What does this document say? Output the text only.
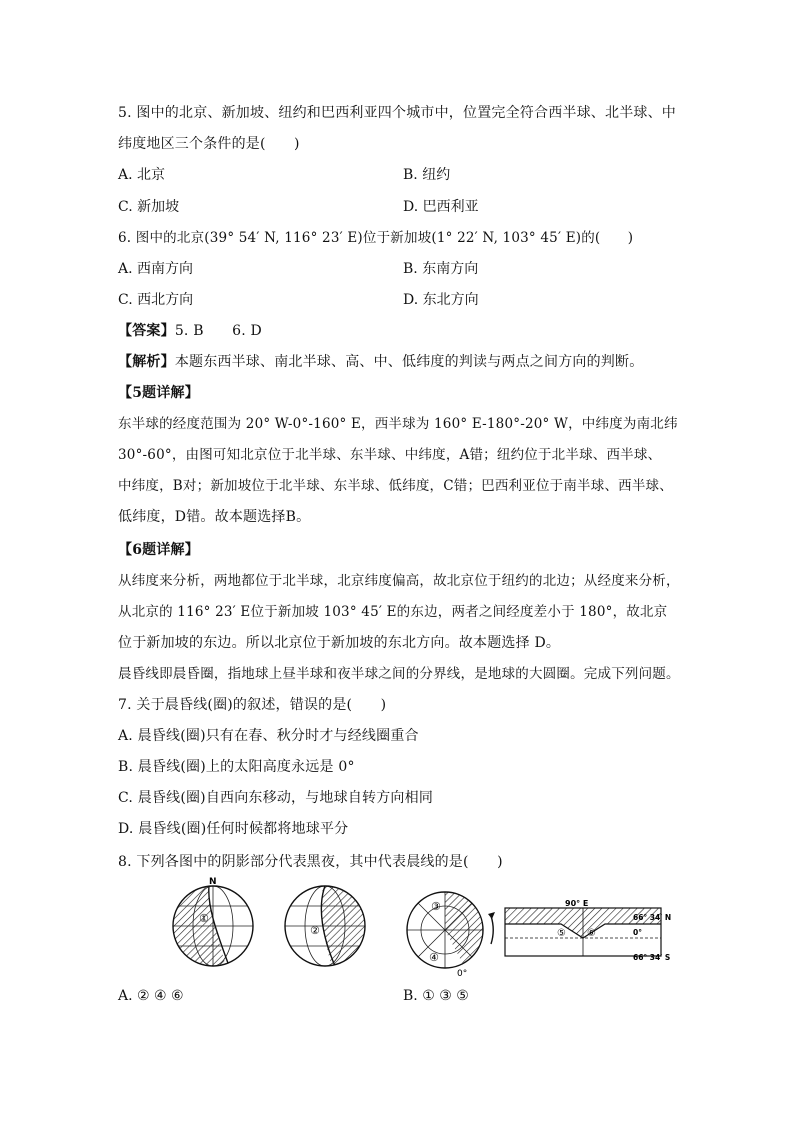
5. 图中的北京、新加坡、纽约和巴西利亚四个城市中，位置完全符合西半球、北半球、中
纬度地区三个条件的是(　　)
A. 北京	B. 纽约
C. 新加坡	D. 巴西利亚
6. 图中的北京(39° 54′ N, 116° 23′ E)位于新加坡(1° 22′ N, 103° 45′ E)的(　　)
A. 西南方向	B. 东南方向
C. 西北方向	D. 东北方向
【答案】5. B　　6. D
【解析】本题东西半球、南北半球、高、中、低纬度的判读与两点之间方向的判断。
【5题详解】
东半球的经度范围为 20° W-0°-160° E，西半球为 160° E-180°-20° W，中纬度为南北纬
30°-60°，由图可知北京位于北半球、东半球、中纬度，A错；纽约位于北半球、西半球、
中纬度，B对；新加坡位于北半球、东半球、低纬度，C错；巴西利亚位于南半球、西半球、
低纬度，D错。故本题选择B。
【6题详解】
从纬度来分析，两地都位于北半球，北京纬度偏高，故北京位于纽约的北边；从经度来分析，
从北京的 116° 23′ E位于新加坡 103° 45′ E的东边，两者之间经度差小于 180°，故北京
位于新加坡的东边。所以北京位于新加坡的东北方向。故本题选择 D。
晨昏线即晨昏圈，指地球上昼半球和夜半球之间的分界线，是地球的大圆圈。完成下列问题。
7. 关于晨昏线(圈)的叙述，错误的是(　　)
A. 晨昏线(圈)只有在春、秋分时才与经线圈重合
B. 晨昏线(圈)上的太阳高度永远是 0°
C. 晨昏线(圈)自西向东移动，与地球自转方向相同
D. 晨昏线(圈)任何时候都将地球平分
8. 下列各图中的阴影部分代表黑夜，其中代表晨线的是(　　)
N
①
②
③
④
0°
90° E
⑤ ⑥
66° 34′ N
0°
66° 34′ S
A. ② ④ ⑥	B. ① ③ ⑤
